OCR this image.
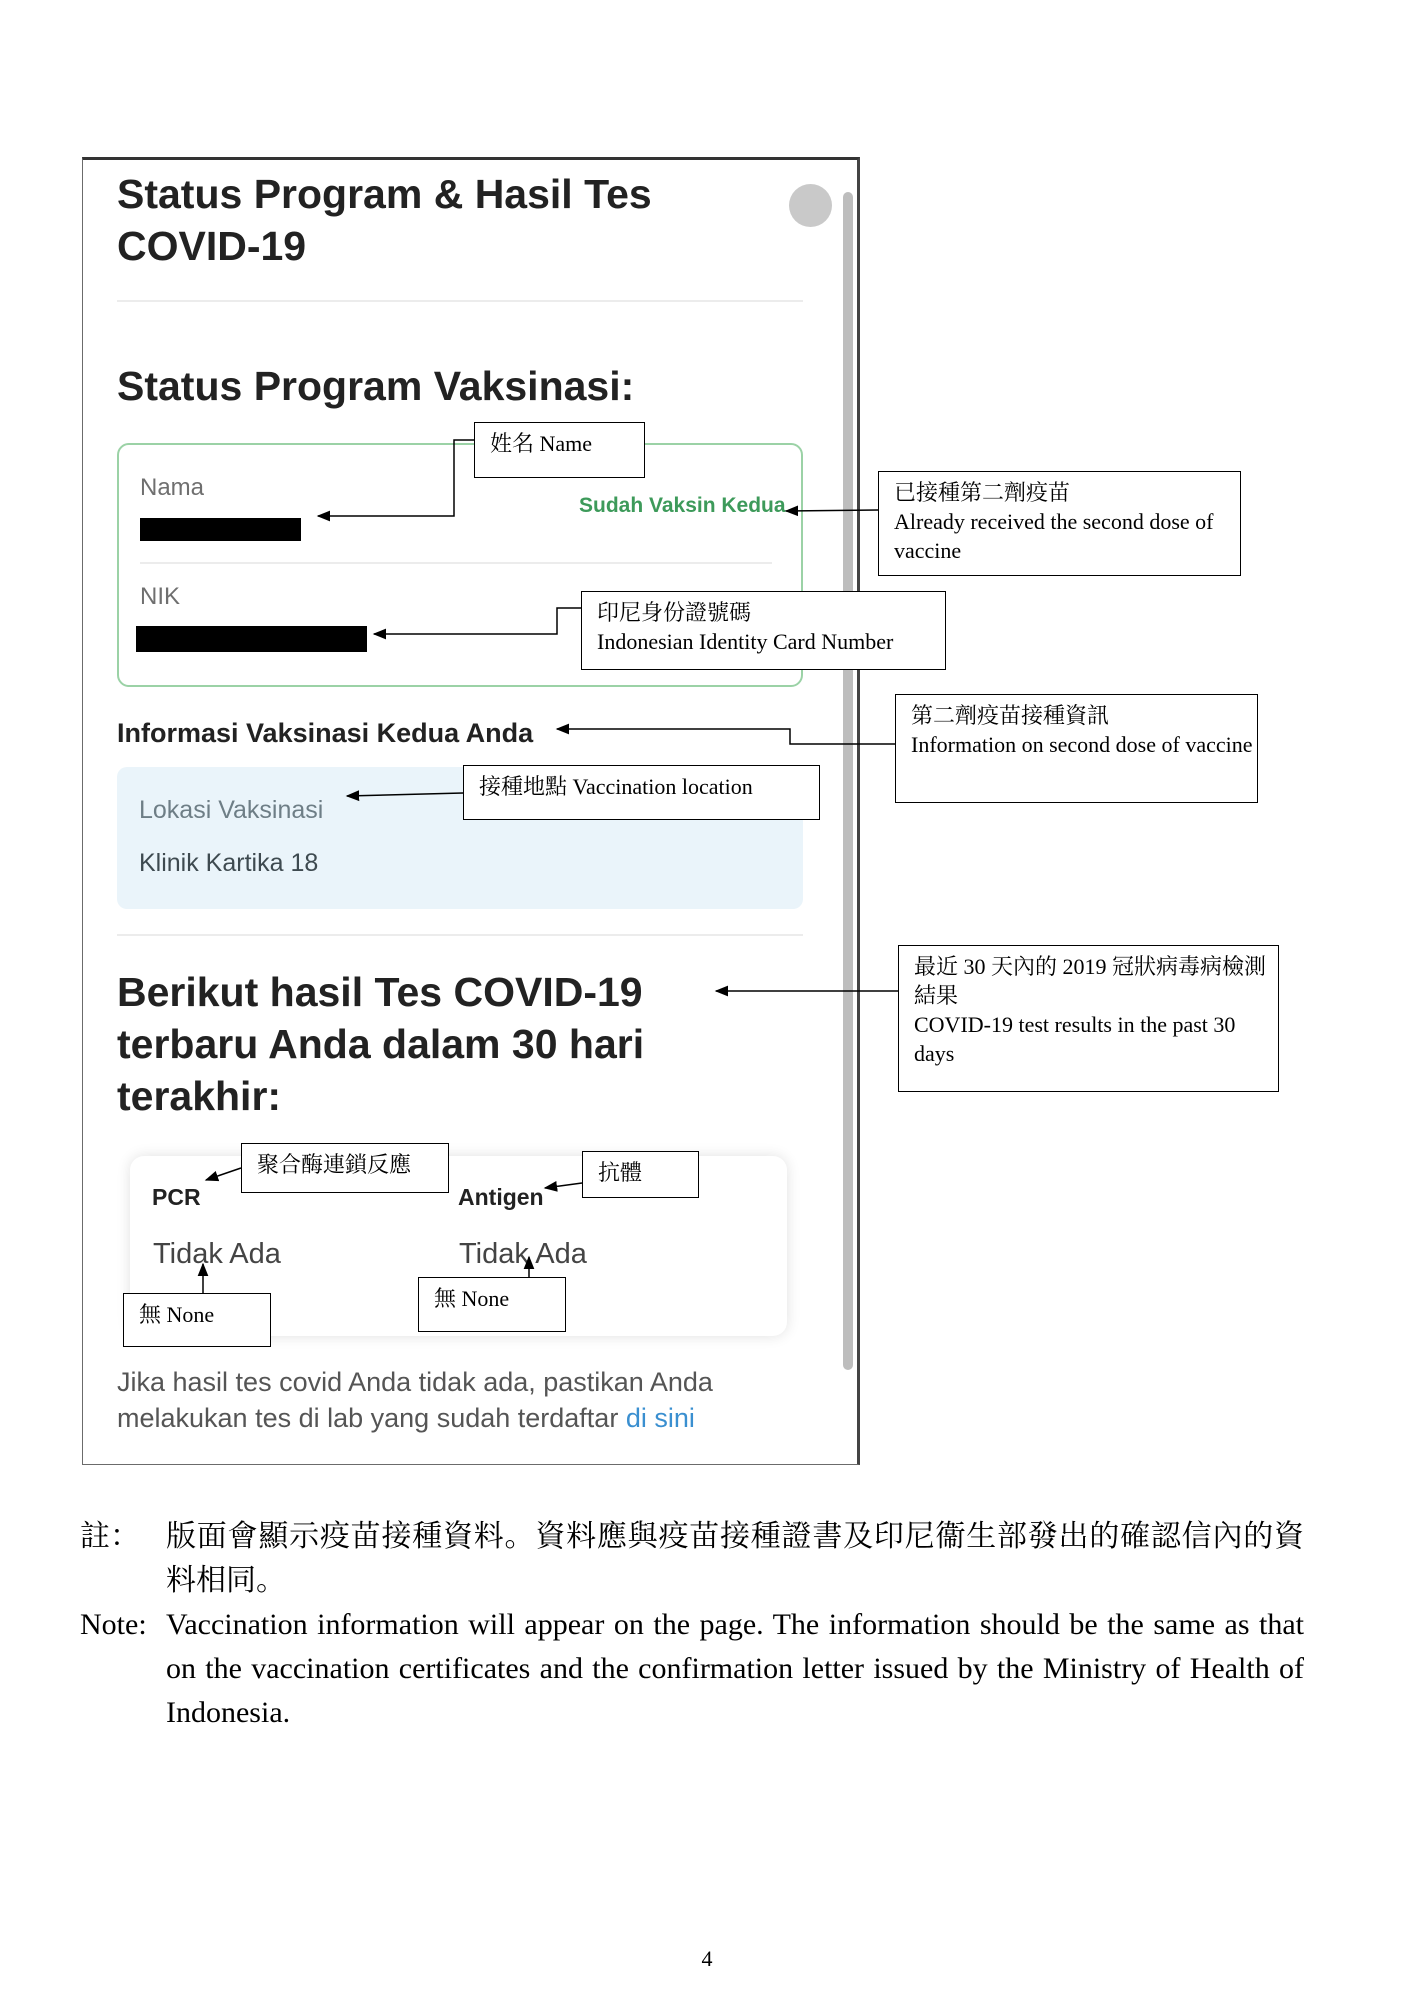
Status Program & Hasil Tes COVID-19
Status Program Vaksinasi:
Nama
Sudah Vaksin Kedua
NIK
Informasi Vaksinasi Kedua Anda
Lokasi Vaksinasi
Klinik Kartika 18
Berikut hasil Tes COVID-19 terbaru Anda dalam 30 hari terakhir:
PCR
Tidak Ada
Antigen
Tidak Ada
Jika hasil tes covid Anda tidak ada, pastikan Anda melakukan tes di lab yang sudah terdaftar di sini
姓名 Name
已接種第二劑疫苗
Already received the second dose of vaccine
印尼身份證號碼
Indonesian Identity Card Number
第二劑疫苗接種資訊
Information on second dose of vaccine
接種地點 Vaccination location
最近 30 天內的 2019 冠狀病毒病檢測結果
COVID-19 test results in the past 30 days
聚合酶連鎖反應	抗體
無 None
無 None
註： 版面會顯示疫苗接種資料。資料應與疫苗接種證書及印尼衞生部發出的確認信內的資料相同。
Note: Vaccination information will appear on the page. The information should be the same as that on the vaccination certificates and the confirmation letter issued by the Ministry of Health of Indonesia.
4
